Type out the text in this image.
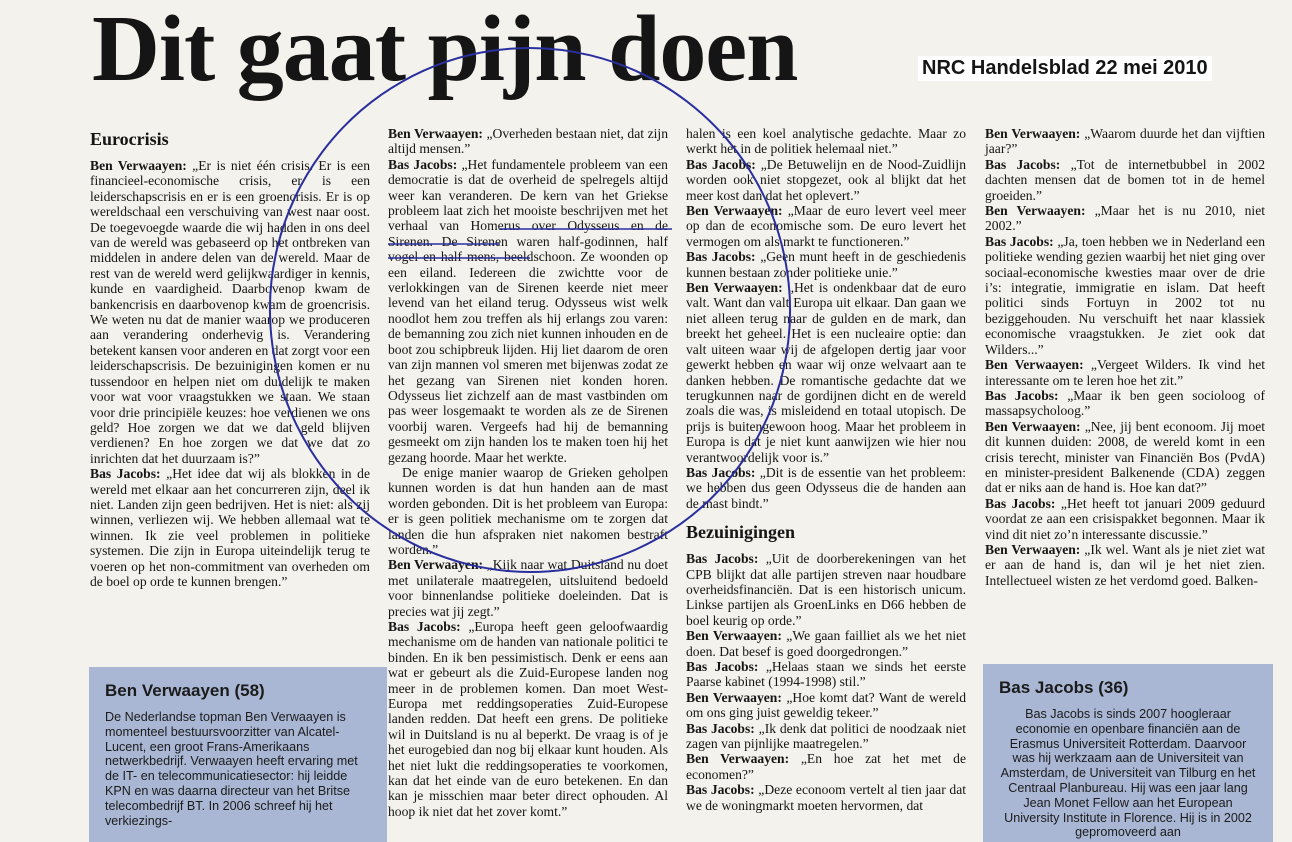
Dit gaat pijn doen	NRC Handelsblad 22 mei 2010
Eurocrisis

Ben Verwaayen: „Er is niet één crisis. Er is een financieel-economische crisis, er is een leiderschapscrisis en er is een groencrisis. Er is op wereldschaal een verschuiving van west naar oost. De toegevoegde waarde die wij hadden in ons deel van de wereld was gebaseerd op het ontbreken van middelen in andere delen van de wereld. Maar de rest van de wereld werd gelijkwaardiger in kennis, kunde en vaardigheid. Daarbovenop kwam de bankencrisis en daarbovenop kwam de groencrisis. We weten nu dat de manier waarop we produceren aan verandering onderhevig is. Verandering betekent kansen voor anderen en dat zorgt voor een leiderschapscrisis. De bezuinigingen komen er nu tussendoor en helpen niet om duidelijk te maken voor wat voor vraagstukken we staan. We staan voor drie principiële keuzes: hoe verdienen we ons geld? Hoe zorgen we dat we dat geld blijven verdienen? En hoe zorgen we dat we dat zo inrichten dat het duurzaam is?”

Bas Jacobs: „Het idee dat wij als blokken in de wereld met elkaar aan het concurreren zijn, deel ik niet. Landen zijn geen bedrijven. Het is niet: als zij winnen, verliezen wij. We hebben allemaal wat te winnen. Ik zie veel problemen in politieke systemen. Die zijn in Europa uiteindelijk terug te voeren op het non-commitment van overheden om de boel op orde te kunnen brengen.”

Ben Verwaayen: „Overheden bestaan niet, dat zijn altijd mensen.”

Bas Jacobs: „Het fundamentele probleem van een democratie is dat de overheid de spelregels altijd weer kan veranderen. De kern van het Griekse probleem laat zich het mooiste beschrijven met het verhaal van Homerus over Odysseus en de Sirenen. De Sirenen waren half-godinnen, half vogel en half mens, beeldschoon. Ze woonden op een eiland. Iedereen die zwichtte voor de verlokkingen van de Sirenen keerde niet meer levend van het eiland terug. Odysseus wist welk noodlot hem zou treffen als hij erlangs zou varen: de bemanning zou zich niet kunnen inhouden en de boot zou schipbreuk lijden. Hij liet daarom de oren van zijn mannen vol smeren met bijenwas zodat ze het gezang van Sirenen niet konden horen. Odysseus liet zichzelf aan de mast vastbinden om pas weer losgemaakt te worden als ze de Sirenen voorbij waren. Vergeefs had hij de bemanning gesmeekt om zijn handen los te maken toen hij het gezang hoorde. Maar het werkte.

De enige manier waarop de Grieken geholpen kunnen worden is dat hun handen aan de mast worden gebonden. Dit is het probleem van Europa: er is geen politiek mechanisme om te zorgen dat landen die hun afspraken niet nakomen bestraft worden.”

Ben Verwaayen: „Kijk naar wat Duitsland nu doet met unilaterale maatregelen, uitsluitend bedoeld voor binnenlandse politieke doeleinden. Dat is precies wat jij zegt.”

Bas Jacobs: „Europa heeft geen geloofwaardig mechanisme om de handen van nationale politici te binden. En ik ben pessimistisch. Denk er eens aan wat er gebeurt als die Zuid-Europese landen nog meer in de problemen komen. Dan moet West-Europa met reddingsoperaties Zuid-Europese landen redden. Dat heeft een grens. De politieke wil in Duitsland is nu al beperkt. De vraag is of je het eurogebied dan nog bij elkaar kunt houden. Als het niet lukt die reddingsoperaties te voorkomen, kan dat het einde van de euro betekenen. En dan kan je misschien maar beter direct ophouden. Al hoop ik niet dat het zover komt.”

halen is een koel analytische gedachte. Maar zo werkt het in de politiek helemaal niet.”

Bas Jacobs: „De Betuwelijn en de Nood-Zuidlijn worden ook niet stopgezet, ook al blijkt dat het meer kost dan dat het oplevert.”

Ben Verwaayen: „Maar de euro levert veel meer op dan de economische som. De euro levert het vermogen om als markt te functioneren.”

Bas Jacobs: „Geen munt heeft in de geschiedenis kunnen bestaan zonder politieke unie.”

Ben Verwaayen: „Het is ondenkbaar dat de euro valt. Want dan valt Europa uit elkaar. Dan gaan we niet alleen terug naar de gulden en de mark, dan breekt het geheel. Het is een nucleaire optie: dan valt uiteen waar wij de afgelopen dertig jaar voor gewerkt hebben en waar wij onze welvaart aan te danken hebben. De romantische gedachte dat we terugkunnen naar de gordijnen dicht en de wereld zoals die was, is misleidend en totaal utopisch. De prijs is buitengewoon hoog. Maar het probleem in Europa is dat je niet kunt aanwijzen wie hier nou verantwoordelijk voor is.”

Bas Jacobs: „Dit is de essentie van het probleem: we hebben dus geen Odysseus die de handen aan de mast bindt.”

Bezuinigingen

Bas Jacobs: „Uit de doorberekeningen van het CPB blijkt dat alle partijen streven naar houdbare overheidsfinanciën. Dat is een historisch unicum. Linkse partijen als GroenLinks en D66 hebben de boel keurig op orde.”

Ben Verwaayen: „We gaan failliet als we het niet doen. Dat besef is goed doorgedrongen.”

Bas Jacobs: „Helaas staan we sinds het eerste Paarse kabinet (1994-1998) stil.”

Ben Verwaayen: „Hoe komt dat? Want de wereld om ons ging juist geweldig tekeer.”

Bas Jacobs: „Ik denk dat politici de noodzaak niet zagen van pijnlijke maatregelen.”

Ben Verwaayen: „En hoe zat het met de economen?”

Bas Jacobs: „Deze econoom vertelt al tien jaar dat we de woningmarkt moeten hervormen, dat

Ben Verwaayen: „Waarom duurde het dan vijftien jaar?”

Bas Jacobs: „Tot de internetbubbel in 2002 dachten mensen dat de bomen tot in de hemel groeiden.”

Ben Verwaayen: „Maar het is nu 2010, niet 2002.”

Bas Jacobs: „Ja, toen hebben we in Nederland een politieke wending gezien waarbij het niet ging over sociaal-economische kwesties maar over de drie i’s: integratie, immigratie en islam. Dat heeft politici sinds Fortuyn in 2002 tot nu beziggehouden. Nu verschuift het naar klassiek economische vraagstukken. Je ziet ook dat Wilders...”

Ben Verwaayen: „Vergeet Wilders. Ik vind het interessante om te leren hoe het zit.”

Bas Jacobs: „Maar ik ben geen socioloog of massapsycholoog.”

Ben Verwaayen: „Nee, jij bent econoom. Jij moet dit kunnen duiden: 2008, de wereld komt in een crisis terecht, minister van Financiën Bos (PvdA) en minister-president Balkenende (CDA) zeggen dat er niks aan de hand is. Hoe kan dat?”

Bas Jacobs: „Het heeft tot januari 2009 geduurd voordat ze aan een crisispakket begonnen. Maar ik vind dit niet zo’n interessante discussie.”

Ben Verwaayen: „Ik wel. Want als je niet ziet wat er aan de hand is, dan wil je het niet zien. Intellectueel wisten ze het verdomd goed. Balken-

Ben Verwaayen (58)

De Nederlandse topman Ben Verwaayen is momenteel bestuursvoorzitter van Alcatel-Lucent, een groot Frans-Amerikaans netwerkbedrijf. Verwaayen heeft ervaring met de IT- en telecommunicatiesector: hij leidde KPN en was daarna directeur van het Britse telecombedrijf BT. In 2006 schreef hij het verkiezings-

Bas Jacobs (36)

Bas Jacobs is sinds 2007 hoogleraar economie en openbare financiën aan de Erasmus Universiteit Rotterdam. Daarvoor was hij werkzaam aan de Universiteit van Amsterdam, de Universiteit van Tilburg en het Centraal Planbureau. Hij was een jaar lang Jean Monet Fellow aan het European University Institute in Florence. Hij is in 2002 gepromoveerd aan
